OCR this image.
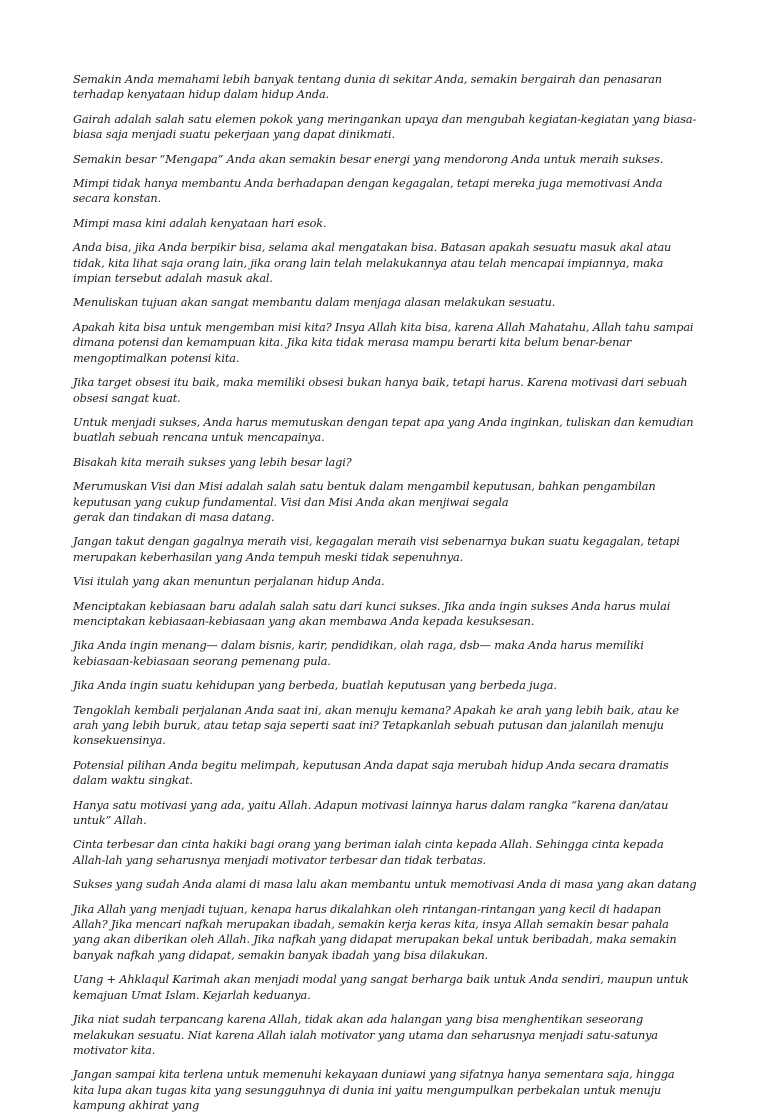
Semakin Anda memahami lebih banyak tentang dunia di sekitar Anda, semakin bergairah dan penasaran terhadap kenyataan hidup dalam hidup Anda.

Gairah adalah salah satu elemen pokok yang meringankan upaya dan mengubah kegiatan-kegiatan yang biasa-biasa saja menjadi suatu pekerjaan yang dapat dinikmati.

Semakin besar “Mengapa” Anda akan semakin besar energi yang mendorong Anda untuk meraih sukses.

Mimpi tidak hanya membantu Anda berhadapan dengan kegagalan, tetapi mereka juga memotivasi Anda secara konstan.

Mimpi masa kini adalah kenyataan hari esok.

Anda bisa, jika Anda berpikir bisa, selama akal mengatakan bisa. Batasan apakah sesuatu masuk akal atau tidak, kita lihat saja orang lain, jika orang lain telah melakukannya atau telah mencapai impiannya, maka impian tersebut adalah masuk akal.

Menuliskan tujuan akan sangat membantu dalam menjaga alasan melakukan sesuatu.

Apakah kita bisa untuk mengemban misi kita? Insya Allah kita bisa, karena Allah Mahatahu, Allah tahu sampai dimana potensi dan kemampuan kita. Jika kita tidak merasa mampu berarti kita belum benar-benar mengoptimalkan potensi kita.

Jika target obsesi itu baik, maka memiliki obsesi bukan hanya baik, tetapi harus. Karena motivasi dari sebuah obsesi sangat kuat.

Untuk menjadi sukses, Anda harus memutuskan dengan tepat apa yang Anda inginkan, tuliskan dan kemudian buatlah sebuah rencana untuk mencapainya.

Bisakah kita meraih sukses yang lebih besar lagi?

Merumuskan Visi dan Misi adalah salah satu bentuk dalam mengambil keputusan, bahkan pengambilan keputusan yang cukup fundamental. Visi dan Misi Anda akan menjiwai segala
gerak dan tindakan di masa datang.

Jangan takut dengan gagalnya meraih visi, kegagalan meraih visi sebenarnya bukan suatu kegagalan, tetapi merupakan keberhasilan yang Anda tempuh meski tidak sepenuhnya.

Visi itulah yang akan menuntun perjalanan hidup Anda.

Menciptakan kebiasaan baru adalah salah satu dari kunci sukses. Jika anda ingin sukses Anda harus mulai menciptakan kebiasaan-kebiasaan yang akan membawa Anda kepada kesuksesan.

Jika Anda ingin menang— dalam bisnis, karir, pendidikan, olah raga, dsb— maka Anda harus memiliki kebiasaan-kebiasaan seorang pemenang pula.

Jika Anda ingin suatu kehidupan yang berbeda, buatlah keputusan yang berbeda juga.

Tengoklah kembali perjalanan Anda saat ini, akan menuju kemana? Apakah ke arah yang lebih baik, atau ke arah yang lebih buruk, atau tetap saja seperti saat ini? Tetapkanlah sebuah putusan dan jalanilah menuju konsekuensinya.

Potensial pilihan Anda begitu melimpah, keputusan Anda dapat saja merubah hidup Anda secara dramatis dalam waktu singkat.

Hanya satu motivasi yang ada, yaitu Allah. Adapun motivasi lainnya harus dalam rangka “karena dan/atau untuk” Allah.

Cinta terbesar dan cinta hakiki bagi orang yang beriman ialah cinta kepada Allah. Sehingga cinta kepada Allah-lah yang seharusnya menjadi motivator terbesar dan tidak terbatas.

Sukses yang sudah Anda alami di masa lalu akan membantu untuk memotivasi Anda di masa yang akan datang

Jika Allah yang menjadi tujuan, kenapa harus dikalahkan oleh rintangan-rintangan yang kecil di hadapan Allah? Jika mencari nafkah merupakan ibadah, semakin kerja keras kita, insya Allah semakin besar pahala yang akan diberikan oleh Allah. Jika nafkah yang didapat merupakan bekal untuk beribadah, maka semakin banyak nafkah yang didapat, semakin banyak ibadah yang bisa dilakukan.

Uang + Ahklaqul Karimah akan menjadi modal yang sangat berharga baik untuk Anda sendiri, maupun untuk kemajuan Umat Islam. Kejarlah keduanya.

Jika niat sudah terpancang karena Allah, tidak akan ada halangan yang bisa menghentikan seseorang melakukan sesuatu. Niat karena Allah ialah motivator yang utama dan seharusnya menjadi satu-satunya motivator kita.

Jangan sampai kita terlena untuk memenuhi kekayaan duniawi yang sifatnya hanya sementara saja, hingga kita lupa akan tugas kita yang sesungguhnya di dunia ini yaitu mengumpulkan perbekalan untuk menuju kampung akhirat yang
